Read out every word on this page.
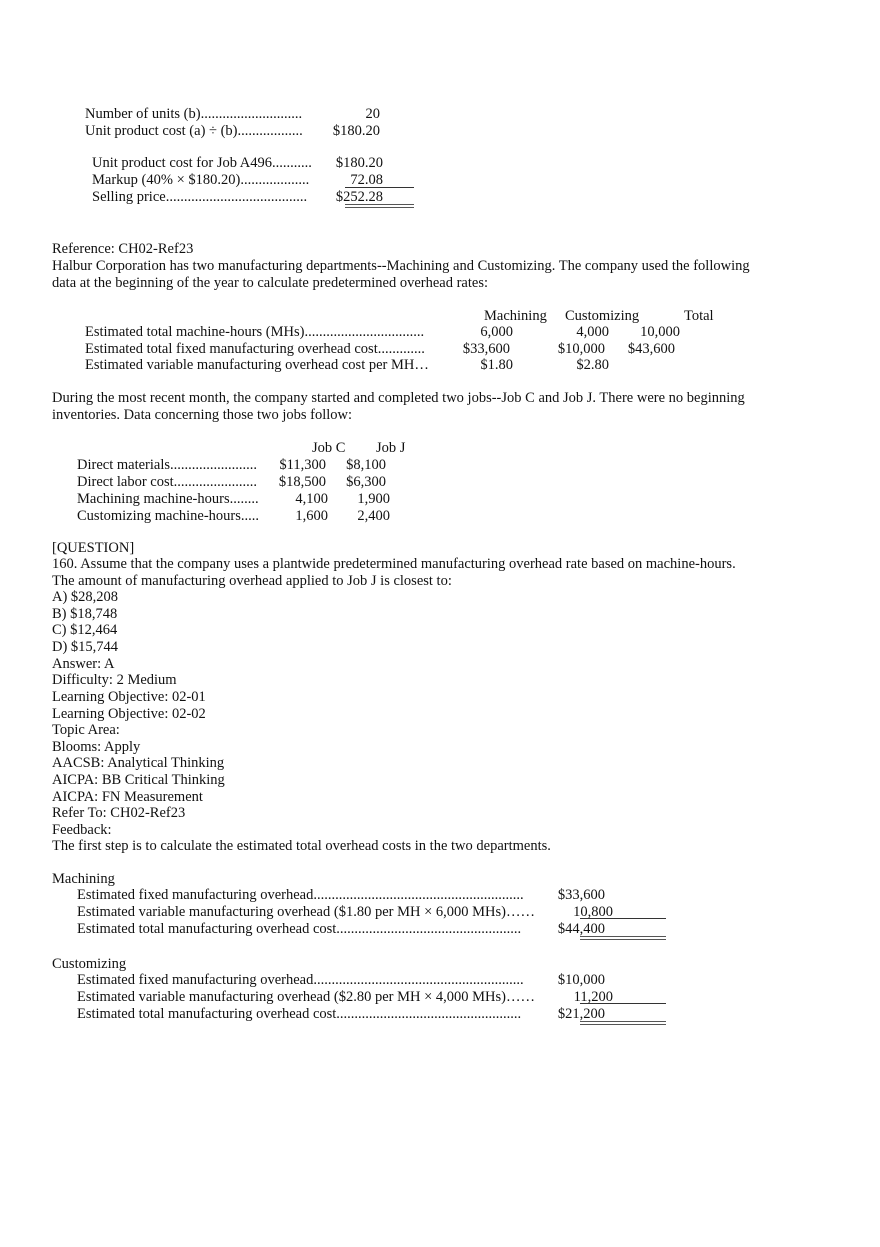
Number of units (b)............................	20
Unit product cost (a) ÷ (b)..................	$180.20
Unit product cost for Job A496...........	$180.20
Markup (40% × $180.20)...................	72.08
Selling price.......................................	$252.28
Reference: CH02-Ref23
Halbur Corporation has two manufacturing departments--Machining and Customizing. The company used the following data at the beginning of the year to calculate predetermined overhead rates:
Machining Customizing	Total
Estimated total machine-hours (MHs).................................	6,000	4,000	10,000
Estimated total fixed manufacturing overhead cost.............	$33,600	$10,000	$43,600
Estimated variable manufacturing overhead cost per MH…	$1.80	$2.80
During the most recent month, the company started and completed two jobs--Job C and Job J. There were no beginning inventories. Data concerning those two jobs follow:
Job C Job J
Direct materials........................	$11,300	$8,100
Direct labor cost.......................	$18,500	$6,300
Machining machine-hours........	4,100	1,900
Customizing machine-hours.....	1,600	2,400
[QUESTION]
160. Assume that the company uses a plantwide predetermined manufacturing overhead rate based on machine-hours. The amount of manufacturing overhead applied to Job J is closest to:
A) $28,208
B) $18,748
C) $12,464
D) $15,744
Answer: A
Difficulty: 2 Medium
Learning Objective: 02-01
Learning Objective: 02-02
Topic Area:
Blooms: Apply
AACSB: Analytical Thinking
AICPA: BB Critical Thinking
AICPA: FN Measurement
Refer To: CH02-Ref23
Feedback:
The first step is to calculate the estimated total overhead costs in the two departments.
Machining
Estimated fixed manufacturing overhead..........................................................	$33,600
Estimated variable manufacturing overhead ($1.80 per MH × 6,000 MHs)……	10,800
Estimated total manufacturing overhead cost...................................................	$44,400
Customizing
Estimated fixed manufacturing overhead..........................................................	$10,000
Estimated variable manufacturing overhead ($2.80 per MH × 4,000 MHs)……	11,200
Estimated total manufacturing overhead cost...................................................	$21,200
